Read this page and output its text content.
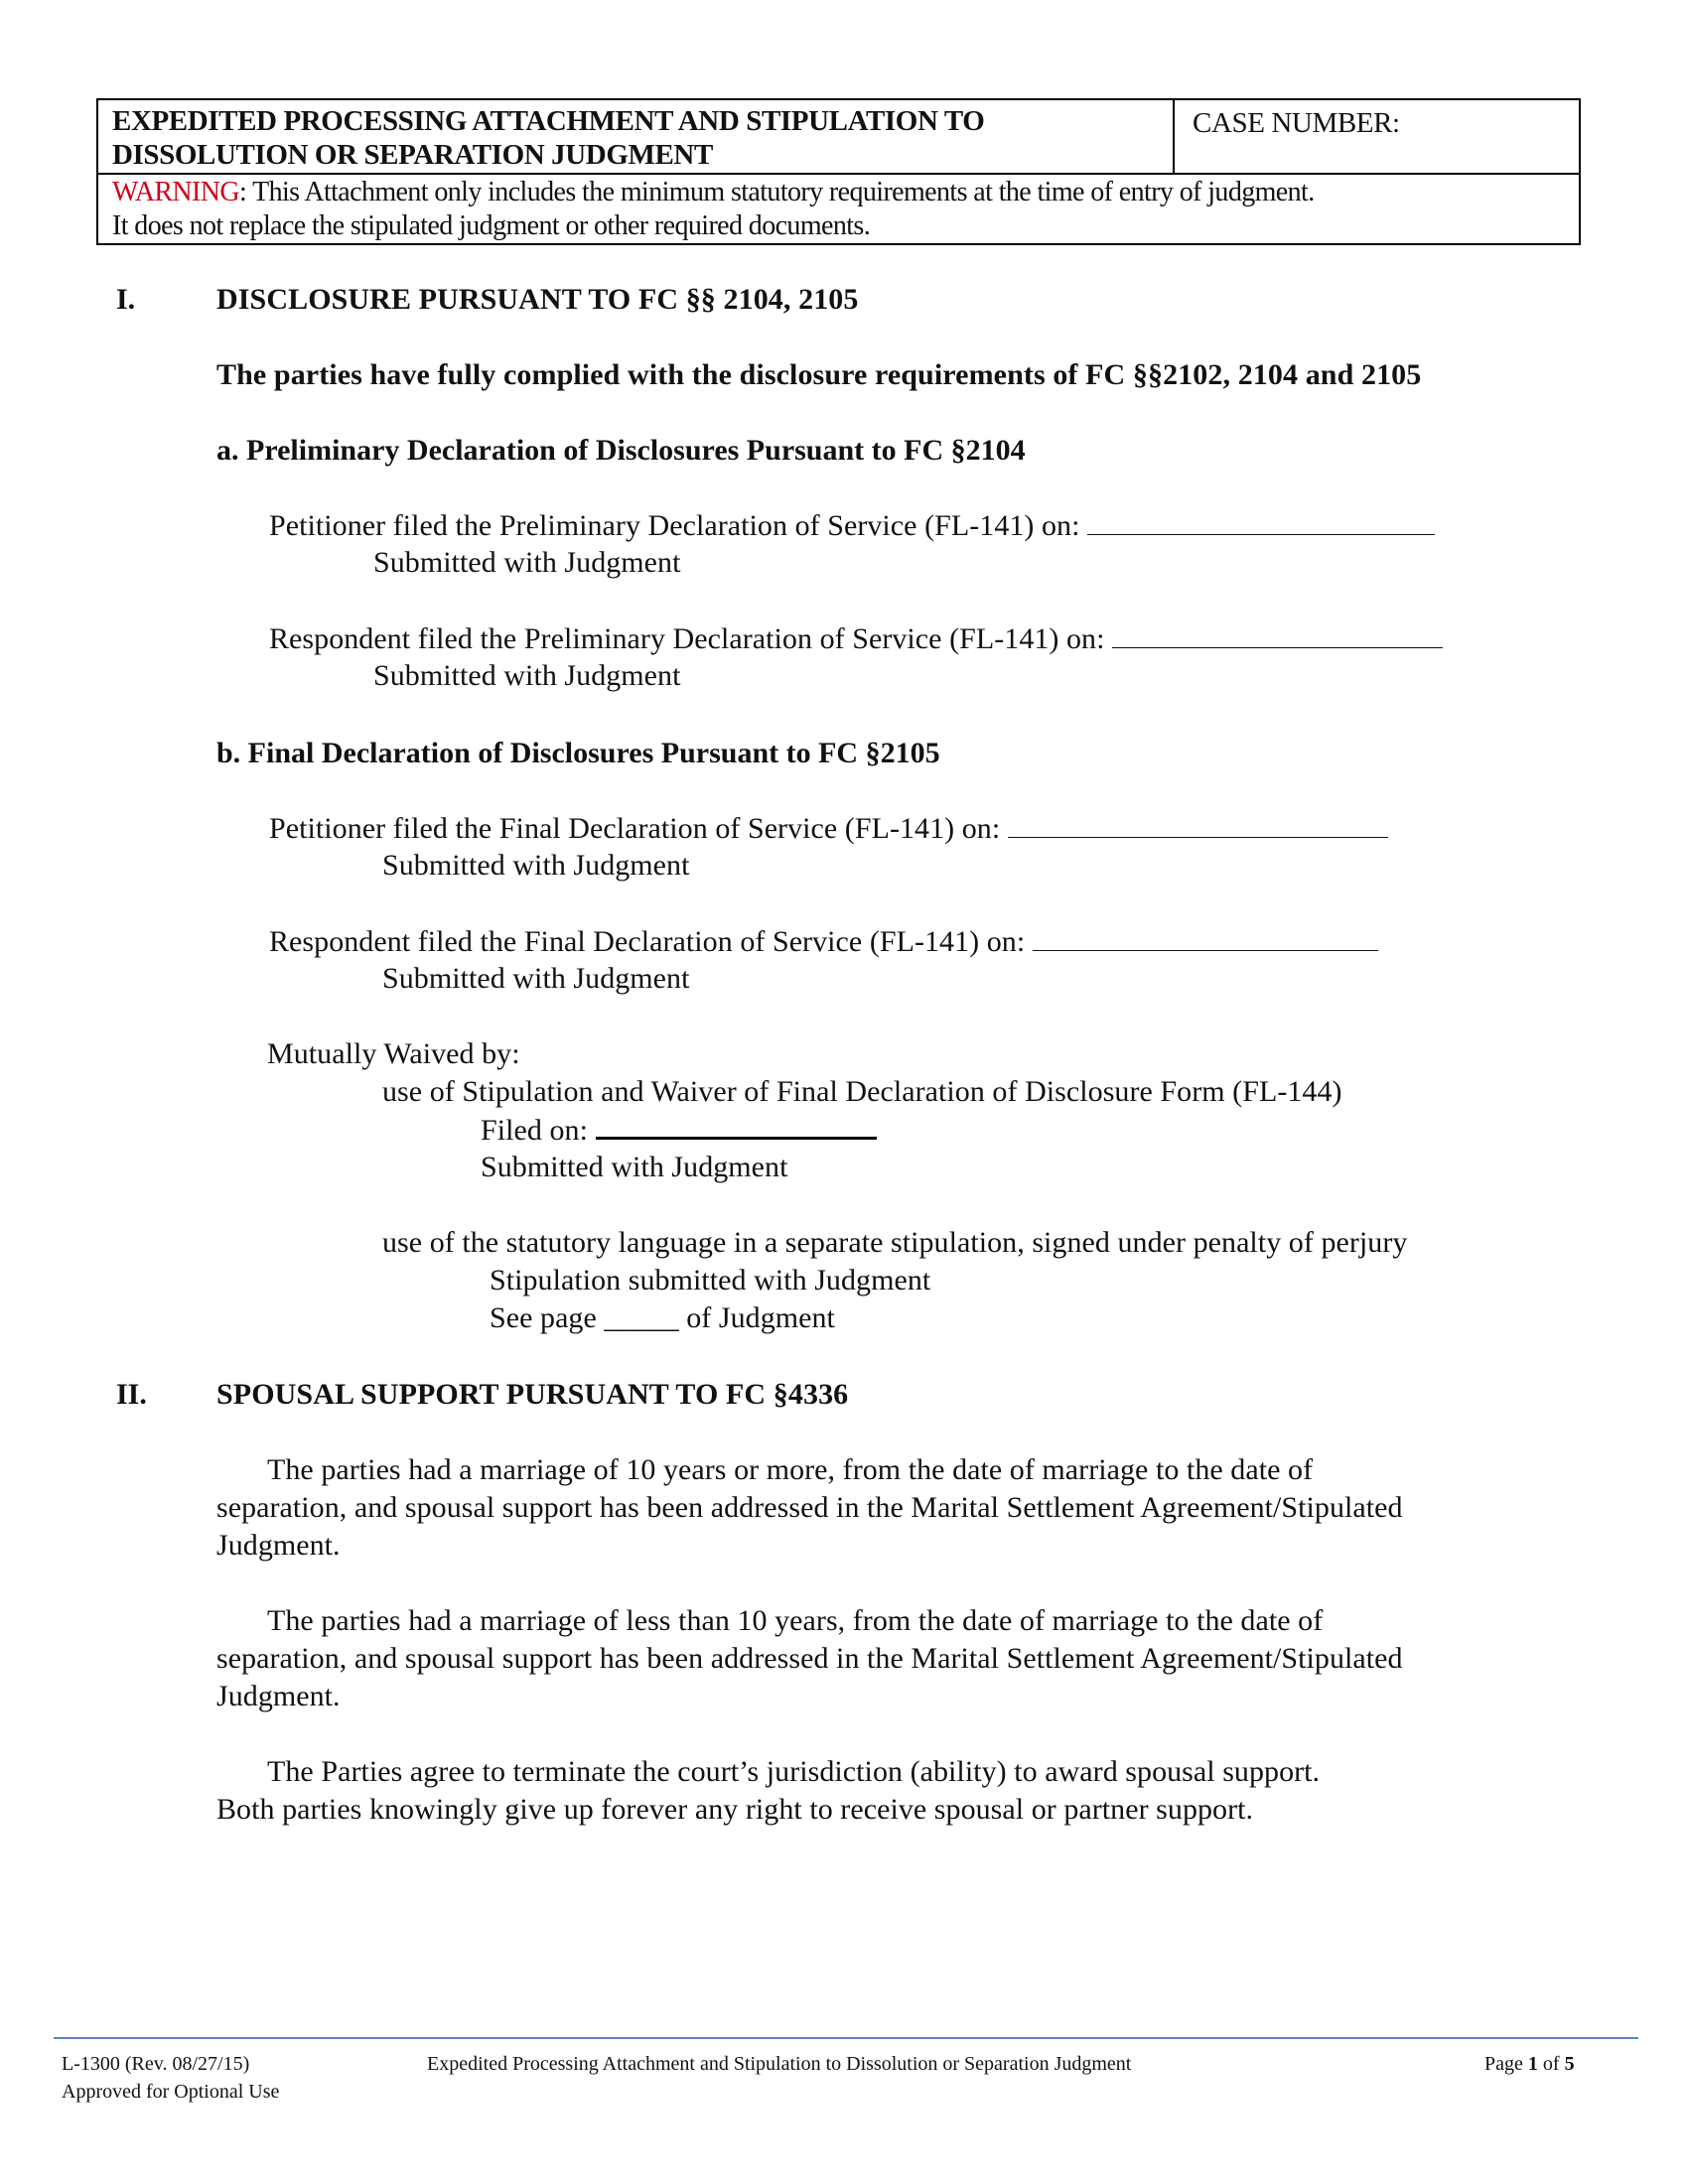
EXPEDITED PROCESSING ATTACHMENT AND STIPULATION TO
DISSOLUTION OR SEPARATION JUDGMENT
CASE NUMBER:
WARNING: This Attachment only includes the minimum statutory requirements at the time of entry of judgment.
It does not replace the stipulated judgment or other required documents.
I.	DISCLOSURE PURSUANT TO FC §§ 2104, 2105
The parties have fully complied with the disclosure requirements of FC §§2102, 2104 and 2105
a. Preliminary Declaration of Disclosures Pursuant to FC §2104
Petitioner filed the Preliminary Declaration of Service (FL-141) on:
Submitted with Judgment
Respondent filed the Preliminary Declaration of Service (FL-141) on:
Submitted with Judgment
b. Final Declaration of Disclosures Pursuant to FC §2105
Petitioner filed the Final Declaration of Service (FL-141) on:
Submitted with Judgment
Respondent filed the Final Declaration of Service (FL-141) on:
Submitted with Judgment
Mutually Waived by:
use of Stipulation and Waiver of Final Declaration of Disclosure Form (FL-144)
Filed on:
Submitted with Judgment
use of the statutory language in a separate stipulation, signed under penalty of perjury
Stipulation submitted with Judgment
See page _____ of Judgment
II. SPOUSAL SUPPORT PURSUANT TO FC §4336
The parties had a marriage of 10 years or more, from the date of marriage to the date of
separation, and spousal support has been addressed in the Marital Settlement Agreement/Stipulated
Judgment.
The parties had a marriage of less than 10 years, from the date of marriage to the date of
separation, and spousal support has been addressed in the Marital Settlement Agreement/Stipulated
Judgment.
The Parties agree to terminate the court’s jurisdiction (ability) to award spousal support.
Both parties knowingly give up forever any right to receive spousal or partner support.
L-1300 (Rev. 08/27/15)
Approved for Optional Use
Expedited Processing Attachment and Stipulation to Dissolution or Separation Judgment	Page 1 of 5
